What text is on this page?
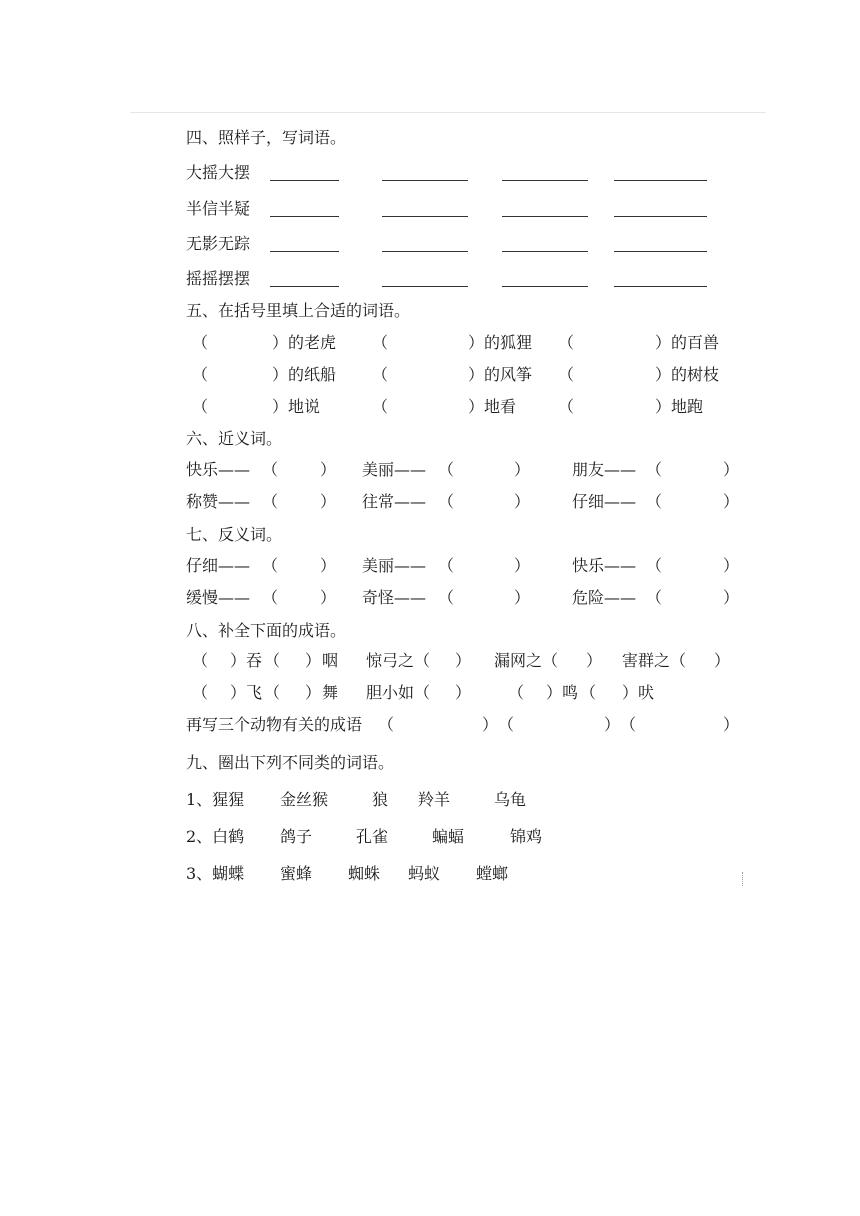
四、照样子，写词语。
大摇大摆
半信半疑
无影无踪
摇摇摆摆
五、在括号里填上合适的词语。
（	） 的老虎 （	） 的狐狸 （	） 的百兽
（	） 的纸船 （	） 的风筝 （	） 的树枝
（	） 地说	（	） 地看	（	） 地跑
六、近义词。
快乐 —— （	） 美丽 —— （	）	朋友 —— （	）
称赞 —— （	） 往常 —— （	）	仔细 —— （	）
七、反义词。
仔细 —— （	） 美丽 —— （	）	快乐 —— （	）
缓慢 —— （	） 奇怪 —— （	）	危险 —— （	）
八、补全下面的成语。
（ ） 吞 （ ） 咽 惊弓之 （ ） 漏网之 （ ） 害群之 （ ）
（ ） 飞 （ ） 舞 胆小如 （ ） （ ） 鸣 （ ） 吠
再写三个动物有关的成语 （	） （	） （	）
九、圈出下列不同类的词语。
1、猩猩 金丝猴	狼 羚羊	乌龟
2、白鹤 鸽子	孔雀	蝙蝠	锦鸡
3、蝴蝶 蜜蜂 蜘蛛 蚂蚁 螳螂
